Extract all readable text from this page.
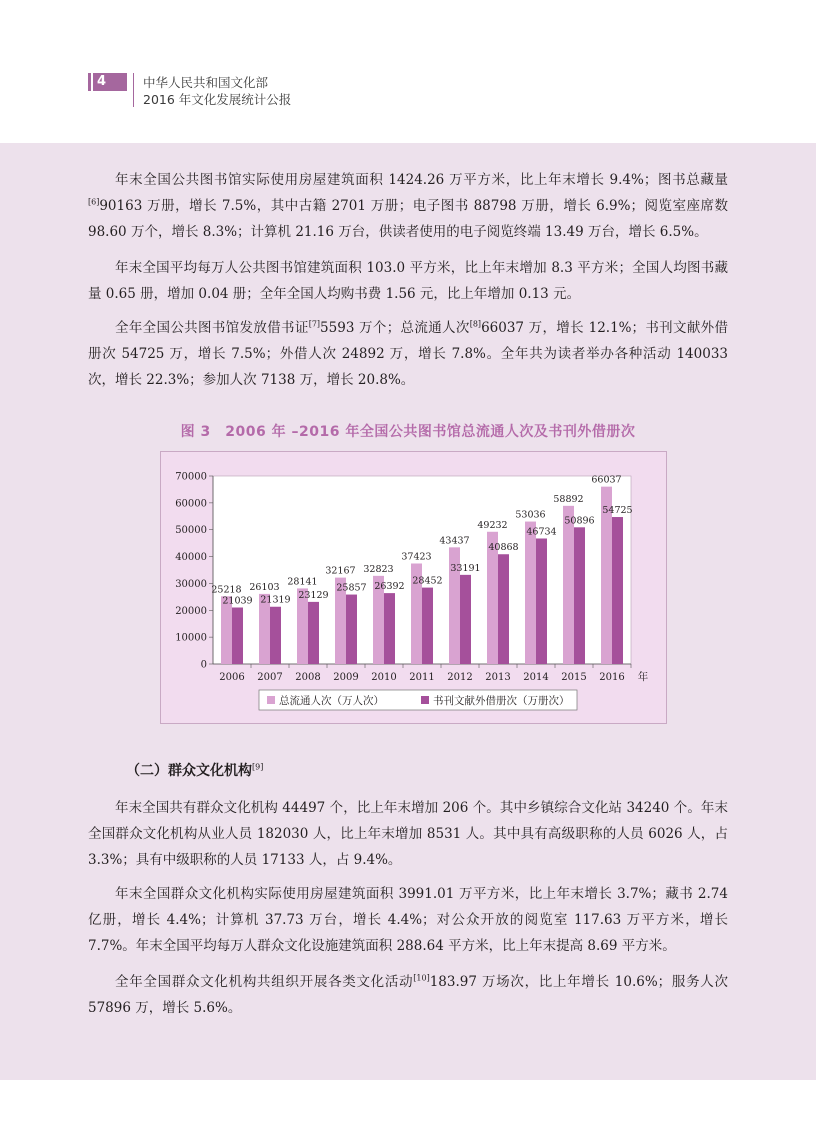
4	中华人民共和国文化部
2016 年文化发展统计公报

年末全国公共图书馆实际使用房屋建筑面积 1424.26 万平方米，比上年末增长 9.4%；图书总藏量[6]90163 万册，增长 7.5%，其中古籍 2701 万册；电子图书 88798 万册，增长 6.9%；阅览室座席数 98.60 万个，增长 8.3%；计算机 21.16 万台，供读者使用的电子阅览终端 13.49 万台，增长 6.5%。

年末全国平均每万人公共图书馆建筑面积 103.0 平方米，比上年末增加 8.3 平方米；全国人均图书藏量 0.65 册，增加 0.04 册；全年全国人均购书费 1.56 元，比上年增加 0.13 元。

全年全国公共图书馆发放借书证[7]5593 万个；总流通人次[8]66037 万，增长 12.1%；书刊文献外借册次 54725 万，增长 7.5%；外借人次 24892 万，增长 7.8%。全年共为读者举办各种活动 140033 次，增长 22.3%；参加人次 7138 万，增长 20.8%。

图 3　2006 年 –2016 年全国公共图书馆总流通人次及书刊外借册次
0
10000
20000
30000
40000
50000
60000
70000
2006
25218
21039
2007
26103
21319
2008
28141
23129
2009
32167
25857
2010
32823
26392
2011
37423
28452
2012
43437
33191
2013
49232
40868
2014
53036
46734
2015
58892
50896
2016
66037
54725
年
总流通人次（万人次）	书刊文献外借册次（万册次）
（二）群众文化机构[9]

年末全国共有群众文化机构 44497 个，比上年末增加 206 个。其中乡镇综合文化站 34240 个。年末全国群众文化机构从业人员 182030 人，比上年末增加 8531 人。其中具有高级职称的人员 6026 人，占 3.3%；具有中级职称的人员 17133 人，占 9.4%。

年末全国群众文化机构实际使用房屋建筑面积 3991.01 万平方米，比上年末增长 3.7%；藏书 2.74 亿册，增长 4.4%；计算机 37.73 万台，增长 4.4%；对公众开放的阅览室 117.63 万平方米，增长 7.7%。年末全国平均每万人群众文化设施建筑面积 288.64 平方米，比上年末提高 8.69 平方米。

全年全国群众文化机构共组织开展各类文化活动[10]183.97 万场次，比上年增长 10.6%；服务人次 57896 万，增长 5.6%。
